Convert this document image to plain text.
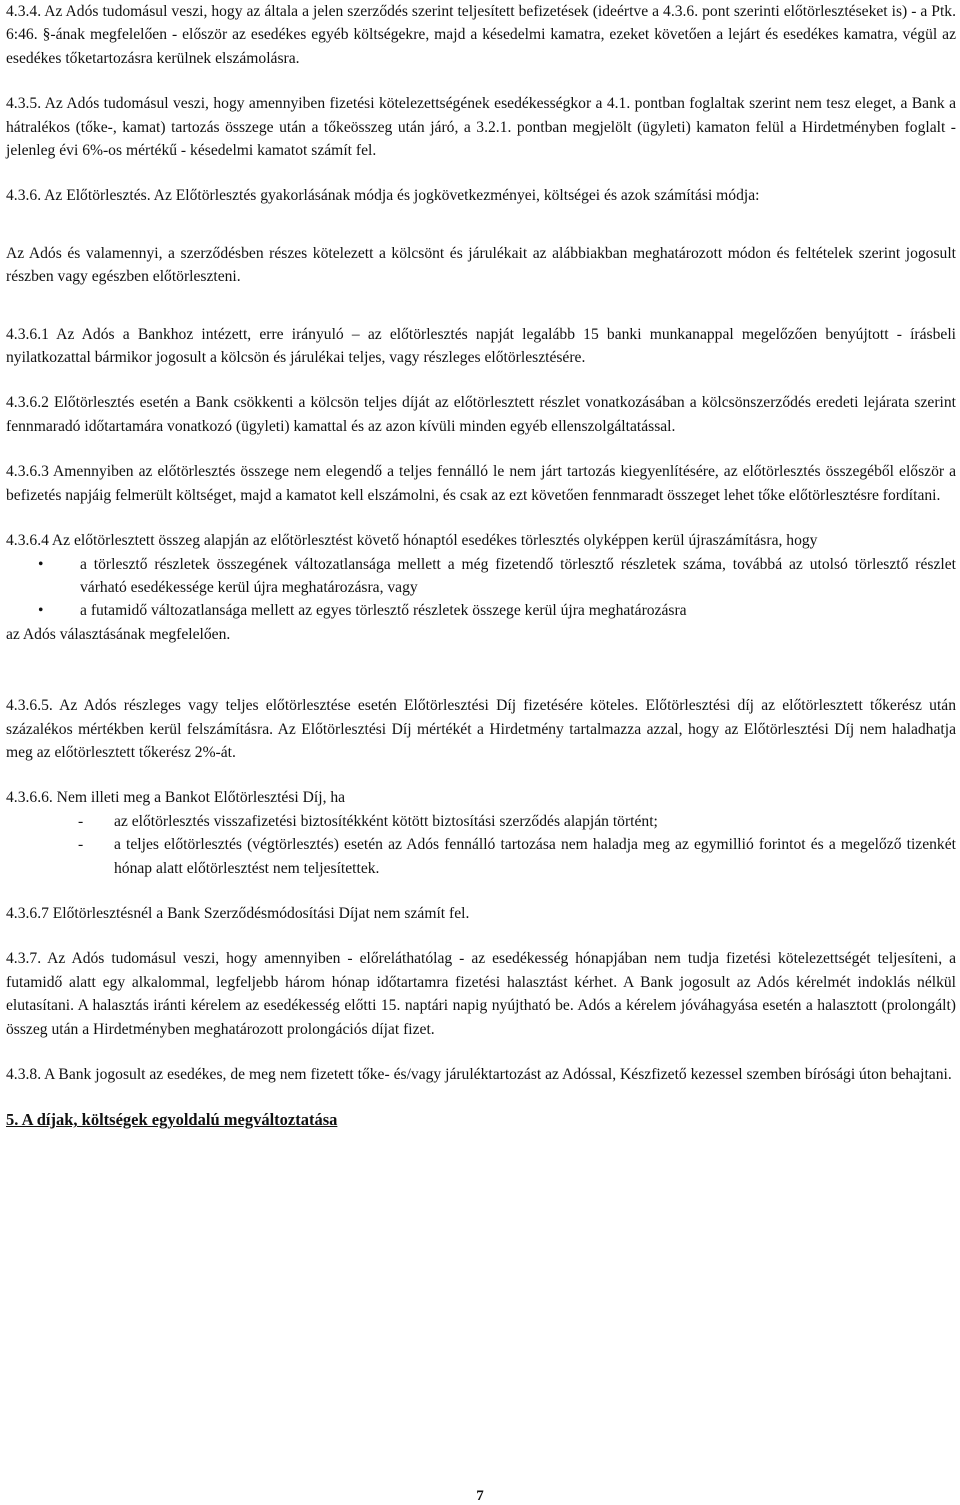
4.3.4. Az Adós tudomásul veszi, hogy az általa a jelen szerződés szerint teljesített befizetések (ideértve a 4.3.6. pont szerinti előtörlesztéseket is) - a Ptk. 6:46. §-ának megfelelően - először az esedékes egyéb költségekre, majd a késedelmi kamatra, ezeket követően a lejárt és esedékes kamatra, végül az esedékes tőketartozásra kerülnek elszámolásra.

4.3.5. Az Adós tudomásul veszi, hogy amennyiben fizetési kötelezettségének esedékességkor a 4.1. pontban foglaltak szerint nem tesz eleget, a Bank a hátralékos (tőke-, kamat) tartozás összege után a tőkeösszeg után járó, a 3.2.1. pontban megjelölt (ügyleti) kamaton felül a Hirdetményben foglalt - jelenleg évi 6%-os mértékű - késedelmi kamatot számít fel.

4.3.6. Az Előtörlesztés. Az Előtörlesztés gyakorlásának módja és jogkövetkezményei, költségei és azok számítási módja:

Az Adós és valamennyi, a szerződésben részes kötelezett a kölcsönt és járulékait az alábbiakban meghatározott módon és feltételek szerint jogosult részben vagy egészben előtörleszteni.

4.3.6.1 Az Adós a Bankhoz intézett, erre irányuló – az előtörlesztés napját legalább 15 banki munkanappal megelőzően benyújtott - írásbeli nyilatkozattal bármikor jogosult a kölcsön és járulékai teljes, vagy részleges előtörlesztésére.

4.3.6.2 Előtörlesztés esetén a Bank csökkenti a kölcsön teljes díját az előtörlesztett részlet vonatkozásában a kölcsönszerződés eredeti lejárata szerint fennmaradó időtartamára vonatkozó (ügyleti) kamattal és az azon kívüli minden egyéb ellenszolgáltatással.

4.3.6.3 Amennyiben az előtörlesztés összege nem elegendő a teljes fennálló le nem járt tartozás kiegyenlítésére, az előtörlesztés összegéből először a befizetés napjáig felmerült költséget, majd a kamatot kell elszámolni, és csak az ezt követően fennmaradt összeget lehet tőke előtörlesztésre fordítani.

4.3.6.4 Az előtörlesztett összeg alapján az előtörlesztést követő hónaptól esedékes törlesztés olyképpen kerül újraszámításra, hogy

• a törlesztő részletek összegének változatlansága mellett a még fizetendő törlesztő részletek száma, továbbá az utolsó törlesztő részlet várható esedékessége kerül újra meghatározásra, vagy
• a futamidő változatlansága mellett az egyes törlesztő részletek összege kerül újra meghatározásra

az Adós választásának megfelelően.

4.3.6.5. Az Adós részleges vagy teljes előtörlesztése esetén Előtörlesztési Díj fizetésére köteles. Előtörlesztési díj az előtörlesztett tőkerész után százalékos mértékben kerül felszámításra. Az Előtörlesztési Díj mértékét a Hirdetmény tartalmazza azzal, hogy az Előtörlesztési Díj nem haladhatja meg az előtörlesztett tőkerész 2%-át.

4.3.6.6. Nem illeti meg a Bankot Előtörlesztési Díj, ha

- az előtörlesztés visszafizetési biztosítékként kötött biztosítási szerződés alapján történt;
- a teljes előtörlesztés (végtörlesztés) esetén az Adós fennálló tartozása nem haladja meg az egymillió forintot és a megelőző tizenkét hónap alatt előtörlesztést nem teljesítettek.

4.3.6.7 Előtörlesztésnél a Bank Szerződésmódosítási Díjat nem számít fel.

4.3.7. Az Adós tudomásul veszi, hogy amennyiben - előreláthatólag - az esedékesség hónapjában nem tudja fizetési kötelezettségét teljesíteni, a futamidő alatt egy alkalommal, legfeljebb három hónap időtartamra fizetési halasztást kérhet. A Bank jogosult az Adós kérelmét indoklás nélkül elutasítani. A halasztás iránti kérelem az esedékesség előtti 15. naptári napig nyújtható be. Adós a kérelem jóváhagyása esetén a halasztott (prolongált) összeg után a Hirdetményben meghatározott prolongációs díjat fizet.

4.3.8. A Bank jogosult az esedékes, de meg nem fizetett tőke- és/vagy járuléktartozást az Adóssal, Készfizető kezessel szemben bírósági úton behajtani.

5. A díjak, költségek egyoldalú megváltoztatása

7
